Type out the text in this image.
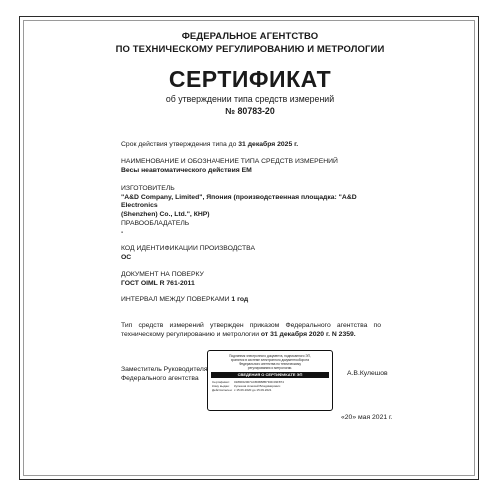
ФЕДЕРАЛЬНОЕ АГЕНТСТВО
ПО ТЕХНИЧЕСКОМУ РЕГУЛИРОВАНИЮ И МЕТРОЛОГИИ
СЕРТИФИКАТ
об утверждении типа средств измерений
№ 80783-20
Срок действия утверждения типа до 31 декабря 2025 г.
НАИМЕНОВАНИЕ И ОБОЗНАЧЕНИЕ ТИПА СРЕДСТВ ИЗМЕРЕНИЙ
Весы неавтоматического действия ЕМ
ИЗГОТОВИТЕЛЬ
"A&D Company, Limited", Япония (производственная площадка: "A&D Electronics
(Shenzhen) Co., Ltd.", КНР)
ПРАВООБЛАДАТЕЛЬ
-
КОД ИДЕНТИФИКАЦИИ ПРОИЗВОДСТВА
ОС
ДОКУМЕНТ НА ПОВЕРКУ
ГОСТ OIML R 761-2011
ИНТЕРВАЛ МЕЖДУ ПОВЕРКАМИ 1 год
Тип средств измерений утвержден приказом Федерального агентства по техническому регулированию и метрологии от 31 декабря 2020 г. N 2359.
Заместитель Руководителя
Федерального агентства
Подлинник электронного документа, подписанного ЭП,
хранится в системе электронного документооборота
Федерального агентства по техническому
регулированию и метрологии.
СВЕДЕНИЯ О СЕРТИФИКАТЕ ЭП
Сертификат:	0189F02007ACB36B8B7D0C03F874
Кому выдан:	Кулешов Алексей Владимирович
Действителен: с 15.06.2020 до 15.09.2021
А.В.Кулешов
«20» мая 2021 г.
